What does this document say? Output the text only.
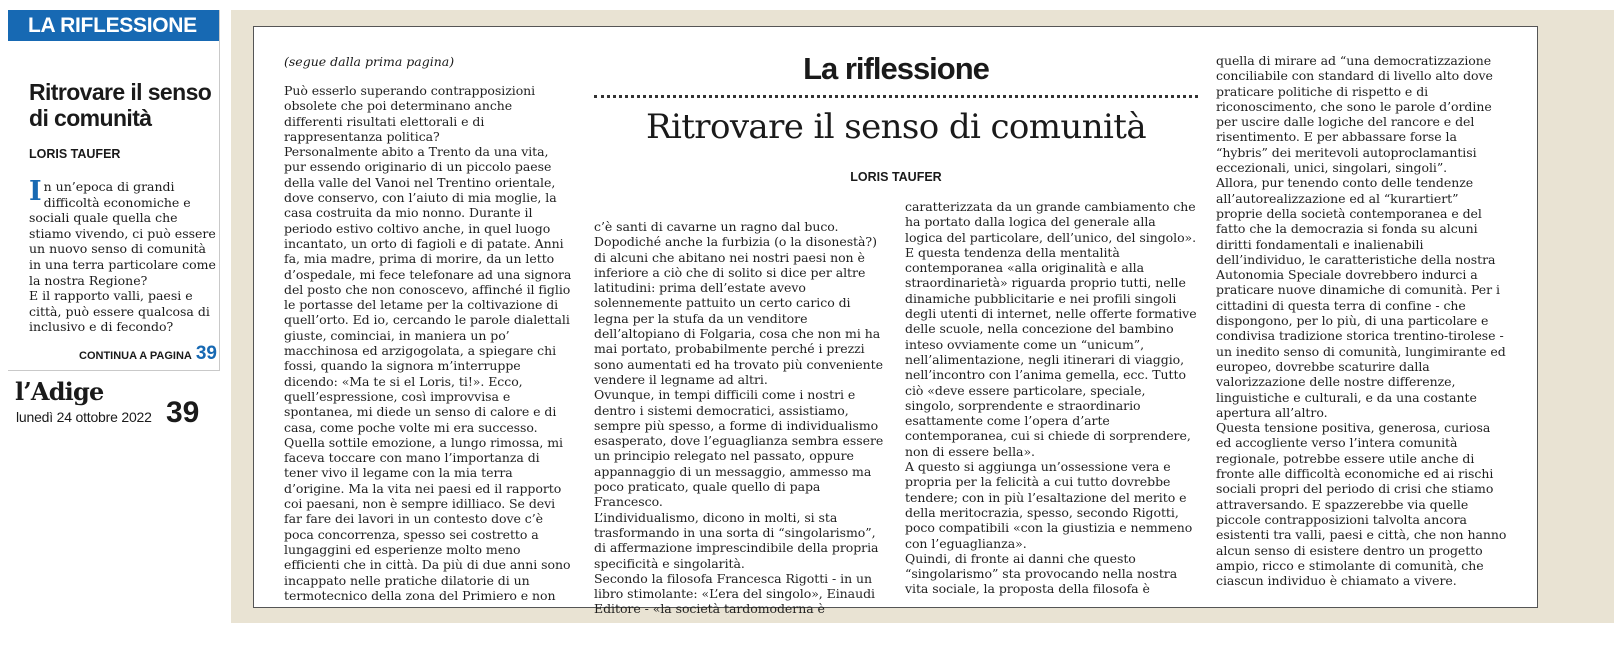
LA RIFLESSIONE
Ritrovare il senso di comunità
LORIS TAUFER
In un’epoca di grandi difficoltà economiche e sociali quale quella che stiamo vivendo, ci può essere un nuovo senso di comunità in una terra particolare come la nostra Regione?
E il rapporto valli, paesi e città, può essere qualcosa di inclusivo e di fecondo?
CONTINUA A PAGINA 39
l’Adige
lunedì 24 ottobre 2022 39
(segue dalla prima pagina)	La riflessione
Ritrovare il senso di comunità
LORIS TAUFER
Può esserlo superando contrapposizioni obsolete che poi determinano anche differenti risultati elettorali e di rappresentanza politica?
Personalmente abito a Trento da una vita, pur essendo originario di un piccolo paese della valle del Vanoi nel Trentino orientale, dove conservo, con l’aiuto di mia moglie, la casa costruita da mio nonno. Durante il periodo estivo coltivo anche, in quel luogo incantato, un orto di fagioli e di patate. Anni fa, mia madre, prima di morire, da un letto d’ospedale, mi fece telefonare ad una signora del posto che non conoscevo, affinché il figlio le portasse del letame per la coltivazione di quell’orto. Ed io, cercando le parole dialettali giuste, cominciai, in maniera un po’ macchinosa ed arzigogolata, a spiegare chi fossi, quando la signora m’interruppe dicendo: «Ma te si el Loris, ti!». Ecco, quell’espressione, così improvvisa e spontanea, mi diede un senso di calore e di casa, come poche volte mi era successo.
Quella sottile emozione, a lungo rimossa, mi faceva toccare con mano l’importanza di tener vivo il legame con la mia terra d’origine. Ma la vita nei paesi ed il rapporto coi paesani, non è sempre idilliaco. Se devi far fare dei lavori in un contesto dove c’è poca concorrenza, spesso sei costretto a lungaggini ed esperienze molto meno efficienti che in città. Da più di due anni sono incappato nelle pratiche dilatorie di un termotecnico della zona del Primiero e non
c’è santi di cavarne un ragno dal buco. Dopodiché anche la furbizia (o la disonestà?) di alcuni che abitano nei nostri paesi non è inferiore a ciò che di solito si dice per altre latitudini: prima dell’estate avevo solennemente pattuito un certo carico di legna per la stufa da un venditore dell’altopiano di Folgaria, cosa che non mi ha mai portato, probabilmente perché i prezzi sono aumentati ed ha trovato più conveniente vendere il legname ad altri.
Ovunque, in tempi difficili come i nostri e dentro i sistemi democratici, assistiamo, sempre più spesso, a forme di individualismo esasperato, dove l’eguaglianza sembra essere un principio relegato nel passato, oppure appannaggio di un messaggio, ammesso ma poco praticato, quale quello di papa Francesco.
L’individualismo, dicono in molti, si sta trasformando in una sorta di “singolarismo”, di affermazione imprescindibile della propria specificità e singolarità.
Secondo la filosofa Francesca Rigotti - in un libro stimolante: «L’era del singolo», Einaudi Editore - «la società tardomoderna è
caratterizzata da un grande cambiamento che ha portato dalla logica del generale alla logica del particolare, dell’unico, del singolo». E questa tendenza della mentalità contemporanea «alla originalità e alla straordinarietà» riguarda proprio tutti, nelle dinamiche pubblicitarie e nei profili singoli degli utenti di internet, nelle offerte formative delle scuole, nella concezione del bambino inteso ovviamente come un “unicum”, nell’alimentazione, negli itinerari di viaggio, nell’incontro con l’anima gemella, ecc. Tutto ciò «deve essere particolare, speciale, singolo, sorprendente e straordinario esattamente come l’opera d’arte contemporanea, cui si chiede di sorprendere, non di essere bella».
A questo si aggiunga un’ossessione vera e propria per la felicità a cui tutto dovrebbe tendere; con in più l’esaltazione del merito e della meritocrazia, spesso, secondo Rigotti, poco compatibili «con la giustizia e nemmeno con l’eguaglianza».
Quindi, di fronte ai danni che questo “singolarismo” sta provocando nella nostra vita sociale, la proposta della filosofa è
quella di mirare ad “una democratizzazione conciliabile con standard di livello alto dove praticare politiche di rispetto e di riconoscimento, che sono le parole d’ordine per uscire dalle logiche del rancore e del risentimento. E per abbassare forse la “hybris” dei meritevoli autoproclamantisi eccezionali, unici, singolari, singoli”.
Allora, pur tenendo conto delle tendenze all’autorealizzazione ed al “kurartiert” proprie della società contemporanea e del fatto che la democrazia si fonda su alcuni diritti fondamentali e inalienabili dell’individuo, le caratteristiche della nostra Autonomia Speciale dovrebbero indurci a praticare nuove dinamiche di comunità. Per i cittadini di questa terra di confine - che dispongono, per lo più, di una particolare e condivisa tradizione storica trentino-tirolese - un inedito senso di comunità, lungimirante ed europeo, dovrebbe scaturire dalla valorizzazione delle nostre differenze, linguistiche e culturali, e da una costante apertura all’altro.
Questa tensione positiva, generosa, curiosa ed accogliente verso l’intera comunità regionale, potrebbe essere utile anche di fronte alle difficoltà economiche ed ai rischi sociali propri del periodo di crisi che stiamo attraversando. E spazzerebbe via quelle piccole contrapposizioni talvolta ancora esistenti tra valli, paesi e città, che non hanno alcun senso di esistere dentro un progetto ampio, ricco e stimolante di comunità, che ciascun individuo è chiamato a vivere.
